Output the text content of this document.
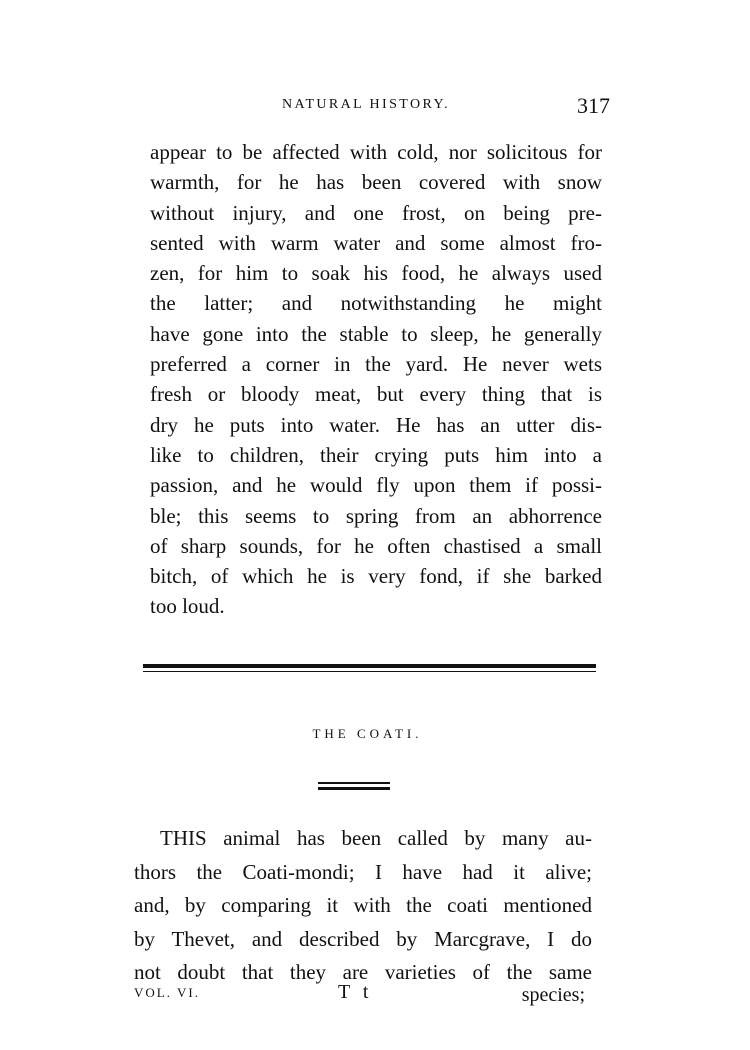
NATURAL HISTORY.	317
appear to be affected with cold, nor solicitous for
warmth, for he has been covered with snow
without injury, and one frost, on being pre-
sented with warm water and some almost fro-
zen, for him to soak his food, he always used
the latter; and notwithstanding he might
have gone into the stable to sleep, he generally
preferred a corner in the yard. He never wets
fresh or bloody meat, but every thing that is
dry he puts into water. He has an utter dis-
like to children, their crying puts him into a
passion, and he would fly upon them if possi-
ble; this seems to spring from an abhorrence
of sharp sounds, for he often chastised a small
bitch, of which he is very fond, if she barked
too loud.
THE COATI.
THIS animal has been called by many au-
thors the Coati-mondi; I have had it alive;
and, by comparing it with the coati mentioned
by Thevet, and described by Marcgrave, I do
not doubt that they are varieties of the same
VOL. VI.	T t	species;
